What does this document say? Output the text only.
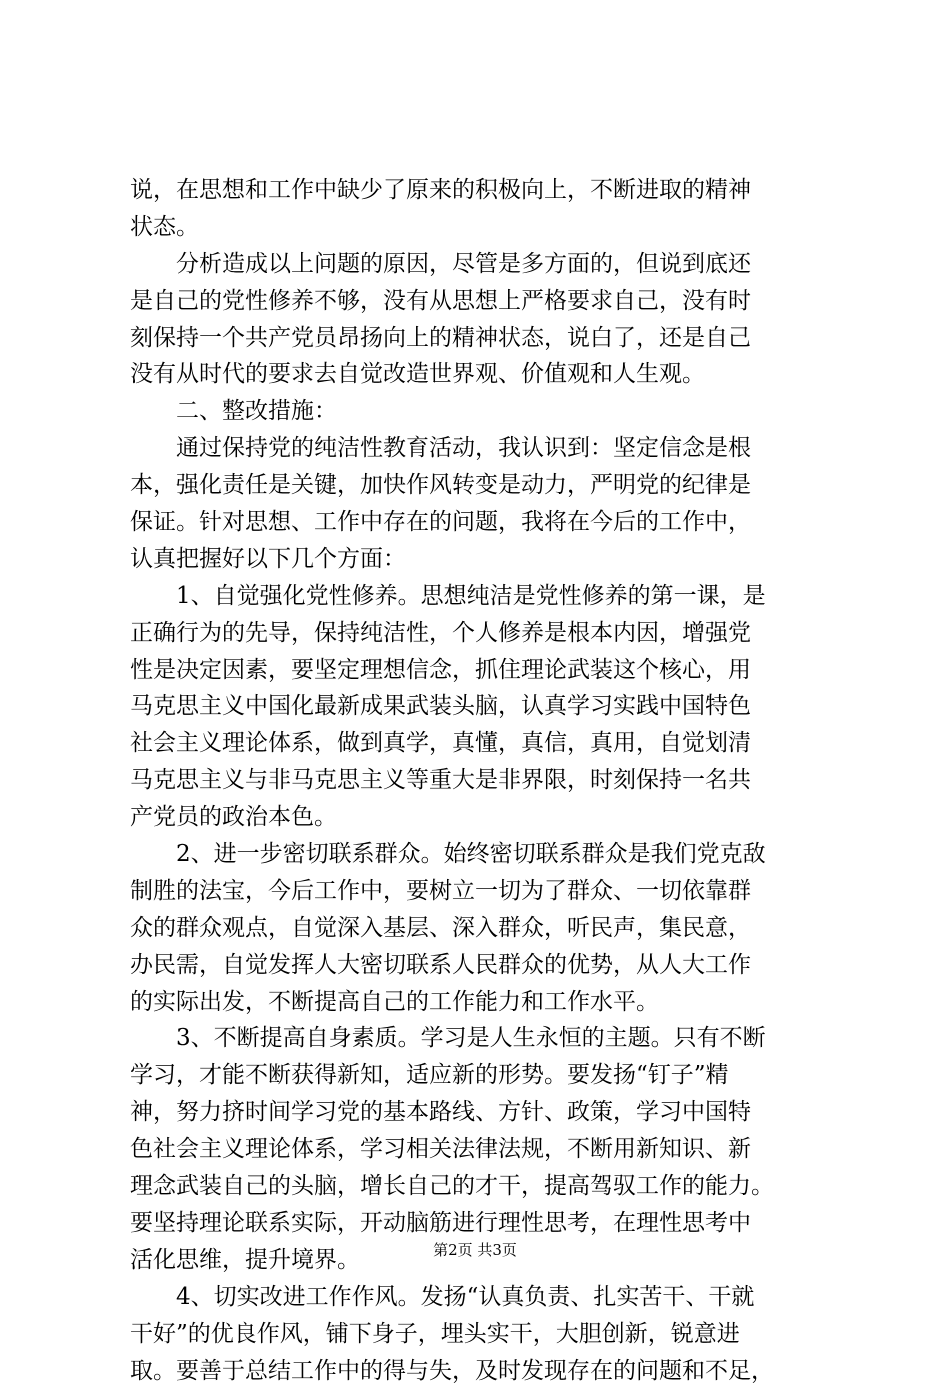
说，在思想和工作中缺少了原来的积极向上，不断进取的精神
状态。
分析造成以上问题的原因，尽管是多方面的，但说到底还
是自己的党性修养不够，没有从思想上严格要求自己，没有时
刻保持一个共产党员昂扬向上的精神状态，说白了，还是自己
没有从时代的要求去自觉改造世界观、价值观和人生观。
二、整改措施：
通过保持党的纯洁性教育活动，我认识到：坚定信念是根
本，强化责任是关键，加快作风转变是动力，严明党的纪律是
保证。针对思想、工作中存在的问题，我将在今后的工作中，
认真把握好以下几个方面：
1、自觉强化党性修养。思想纯洁是党性修养的第一课，是
正确行为的先导，保持纯洁性，个人修养是根本内因，增强党
性是决定因素，要坚定理想信念，抓住理论武装这个核心，用
马克思主义中国化最新成果武装头脑，认真学习实践中国特色
社会主义理论体系，做到真学，真懂，真信，真用，自觉划清
马克思主义与非马克思主义等重大是非界限，时刻保持一名共
产党员的政治本色。
2、进一步密切联系群众。始终密切联系群众是我们党克敌
制胜的法宝，今后工作中，要树立一切为了群众、一切依靠群
众的群众观点，自觉深入基层、深入群众，听民声，集民意，
办民需，自觉发挥人大密切联系人民群众的优势，从人大工作
的实际出发，不断提高自己的工作能力和工作水平。
3、不断提高自身素质。学习是人生永恒的主题。只有不断
学习，才能不断获得新知，适应新的形势。要发扬“钉子”精
神，努力挤时间学习党的基本路线、方针、政策，学习中国特
色社会主义理论体系，学习相关法律法规，不断用新知识、新
理念武装自己的头脑，增长自己的才干，提高驾驭工作的能力。
要坚持理论联系实际，开动脑筋进行理性思考，在理性思考中
活化思维，提升境界。
4、切实改进工作作风。发扬“认真负责、扎实苦干、干就
干好”的优良作风，铺下身子，埋头实干，大胆创新，锐意进
取。要善于总结工作中的得与失，及时发现存在的问题和不足，
第2页 共3页
